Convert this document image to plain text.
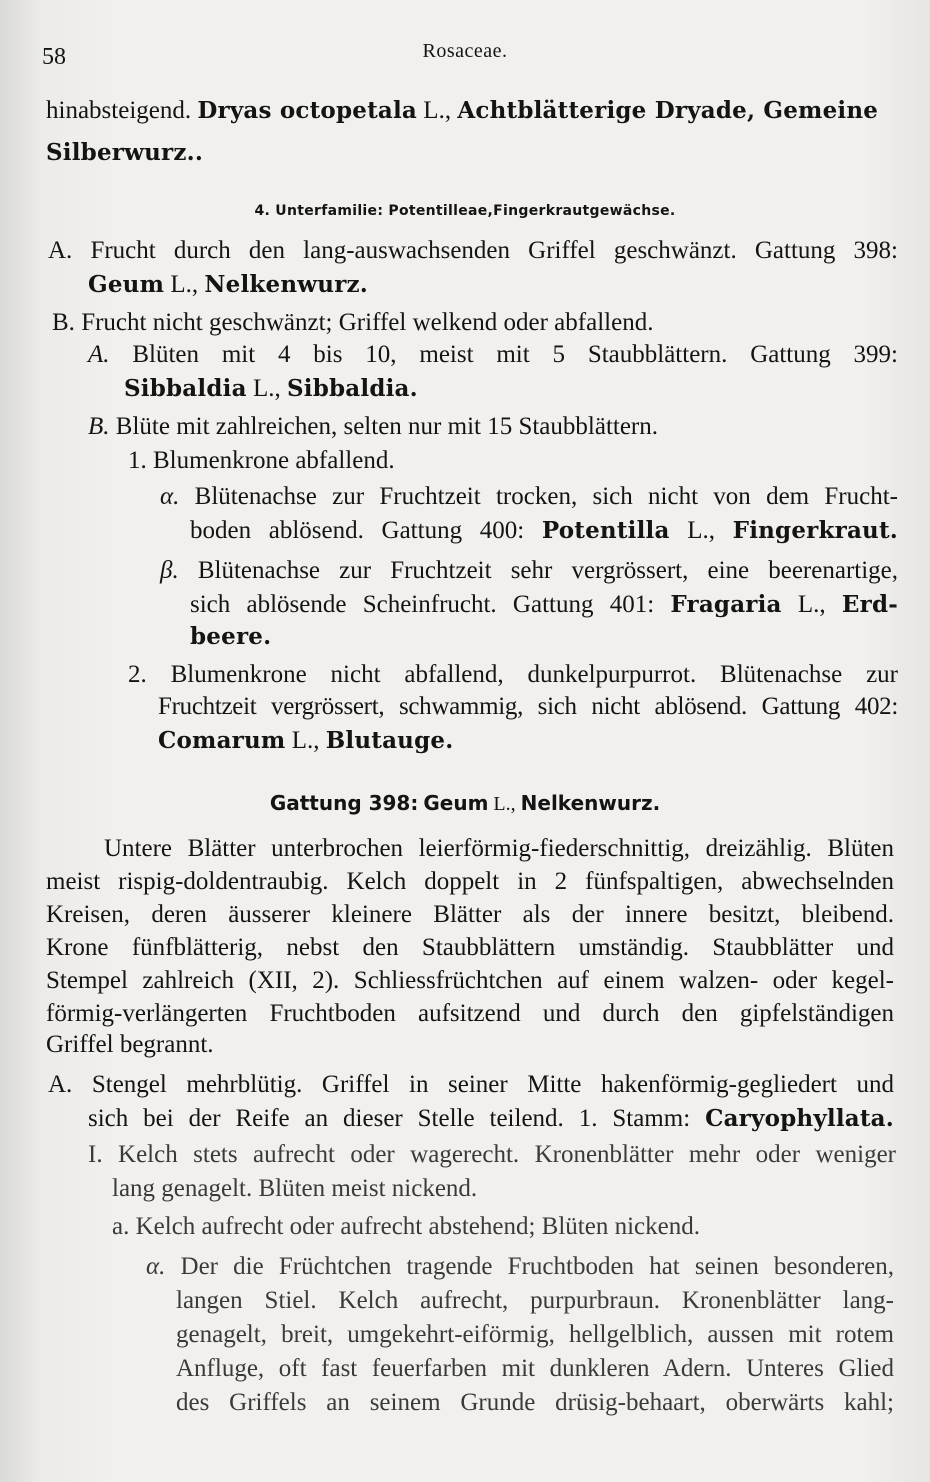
58	Rosaceae.
hinabsteigend. Dryas octopetala L., Achtblätterige Dryade, Gemeine
Silberwurz..
4. Unterfamilie: Potentilleae,Fingerkrautgewächse.
A. Frucht durch den lang-auswachsenden Griffel geschwänzt. Gattung 398:
Geum L., Nelkenwurz.
B. Frucht nicht geschwänzt; Griffel welkend oder abfallend.
A. Blüten mit 4 bis 10, meist mit 5 Staubblättern. Gattung 399:
Sibbaldia L., Sibbaldia.
B. Blüte mit zahlreichen, selten nur mit 15 Staubblättern.
1. Blumenkrone abfallend.
α. Blütenachse zur Fruchtzeit trocken, sich nicht von dem Frucht-
boden ablösend. Gattung 400: Potentilla L., Fingerkraut.
β. Blütenachse zur Fruchtzeit sehr vergrössert, eine beerenartige,
sich ablösende Scheinfrucht. Gattung 401: Fragaria L., Erd-
beere.
2. Blumenkrone nicht abfallend, dunkelpurpurrot. Blütenachse zur
Fruchtzeit vergrössert, schwammig, sich nicht ablösend. Gattung 402:
Comarum L., Blutauge.
Gattung 398: Geum L., Nelkenwurz.
Untere Blätter unterbrochen leierförmig-fiederschnittig, dreizählig. Blüten
meist rispig-doldentraubig. Kelch doppelt in 2 fünfspaltigen, abwechselnden
Kreisen, deren äusserer kleinere Blätter als der innere besitzt, bleibend.
Krone fünfblätterig, nebst den Staubblättern umständig. Staubblätter und
Stempel zahlreich (XII, 2). Schliessfrüchtchen auf einem walzen- oder kegel-
förmig-verlängerten Fruchtboden aufsitzend und durch den gipfelständigen
Griffel begrannt.
A. Stengel mehrblütig. Griffel in seiner Mitte hakenförmig-gegliedert und
sich bei der Reife an dieser Stelle teilend. 1. Stamm: Caryophyllata.
I. Kelch stets aufrecht oder wagerecht. Kronenblätter mehr oder weniger
lang genagelt. Blüten meist nickend.
a. Kelch aufrecht oder aufrecht abstehend; Blüten nickend.
α. Der die Früchtchen tragende Fruchtboden hat seinen besonderen,
langen Stiel. Kelch aufrecht, purpurbraun. Kronenblätter lang-
genagelt, breit, umgekehrt-eiförmig, hellgelblich, aussen mit rotem
Anfluge, oft fast feuerfarben mit dunkleren Adern. Unteres Glied
des Griffels an seinem Grunde drüsig-behaart, oberwärts kahl;
